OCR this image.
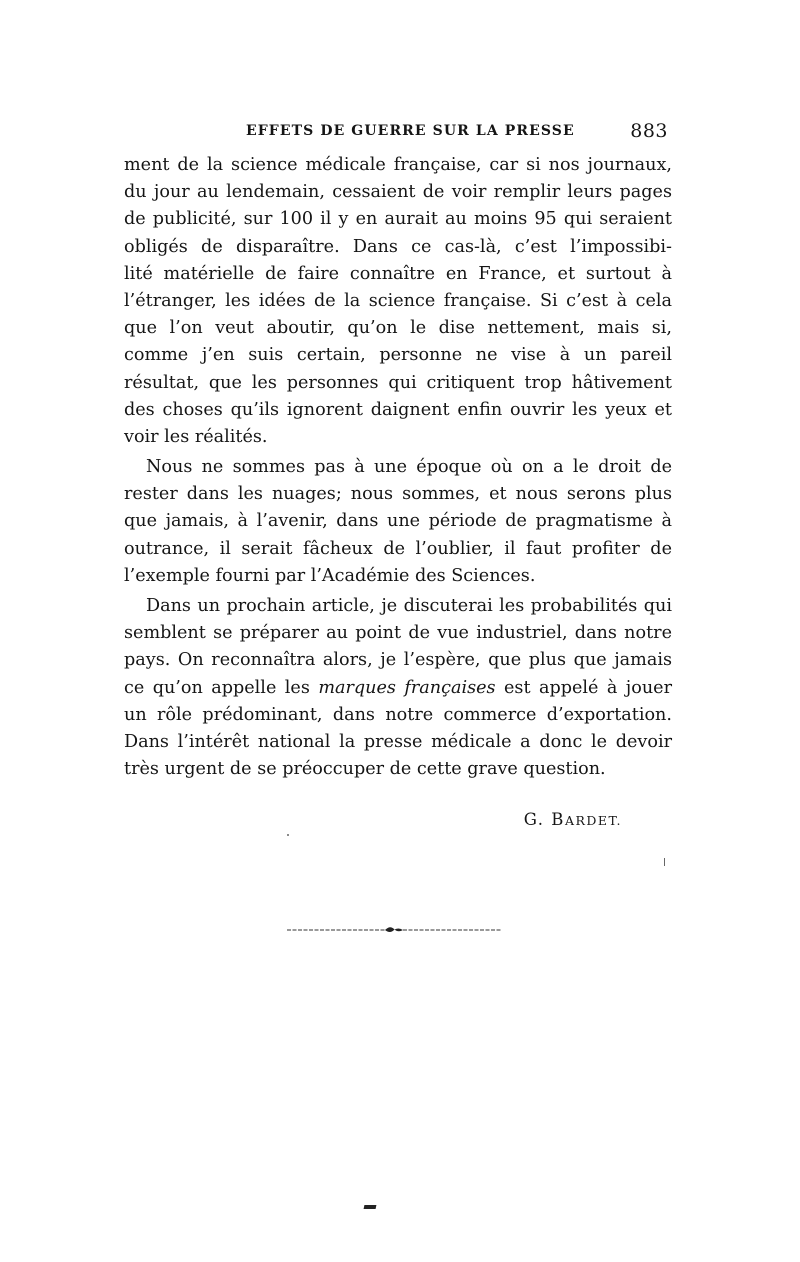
EFFETS DE GUERRE SUR LA PRESSE	883
ment de la science médicale française, car si nos journaux,
du jour au lendemain, cessaient de voir remplir leurs pages
de publicité, sur 100 il y en aurait au moins 95 qui seraient
obligés de disparaître. Dans ce cas-là, c’est l’impossibi-
lité matérielle de faire connaître en France, et surtout à
l’étranger, les idées de la science française. Si c’est à cela
que l’on veut aboutir, qu’on le dise nettement, mais si,
comme j’en suis certain, personne ne vise à un pareil
résultat, que les personnes qui critiquent trop hâtivement
des choses qu’ils ignorent daignent enfin ouvrir les yeux et
voir les réalités.
Nous ne sommes pas à une époque où on a le droit de
rester dans les nuages; nous sommes, et nous serons plus
que jamais, à l’avenir, dans une période de pragmatisme à
outrance, il serait fâcheux de l’oublier, il faut profiter de
l’exemple fourni par l’Académie des Sciences.
Dans un prochain article, je discuterai les probabilités qui
semblent se préparer au point de vue industriel, dans notre
pays. On reconnaîtra alors, je l’espère, que plus que jamais
ce qu’on appelle les marques françaises est appelé à jouer
un rôle prédominant, dans notre commerce d’exportation.
Dans l’intérêt national la presse médicale a donc le devoir
très urgent de se préoccuper de cette grave question.
G. BARDET.
